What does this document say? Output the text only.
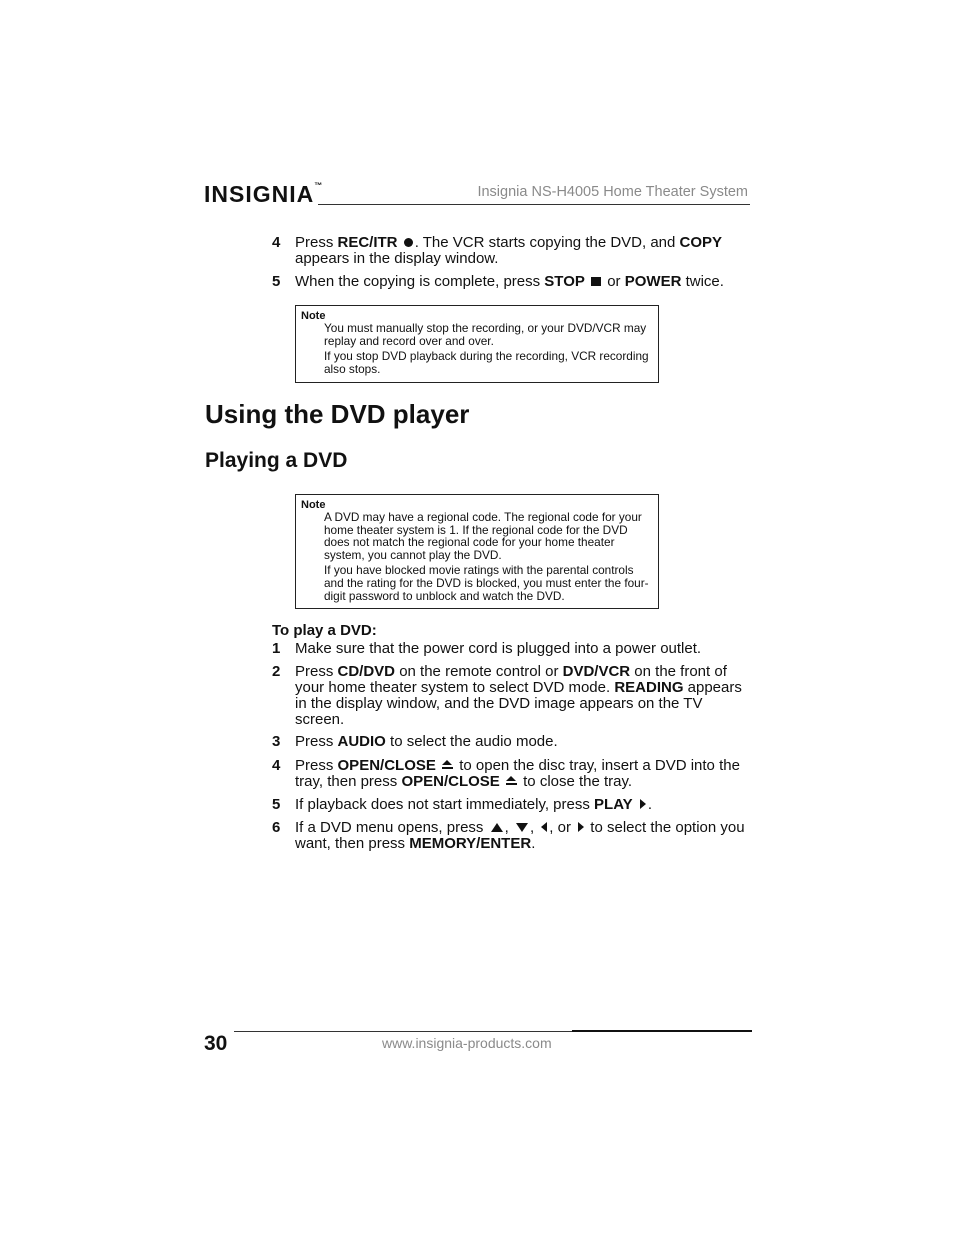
INSIGNIA™	Insignia NS-H4005 Home Theater System
4 Press REC/ITR . The VCR starts copying the DVD, and COPY appears in the display window.
5 When the copying is complete, press STOP  or POWER twice.
Note

You must manually stop the recording, or your DVD/VCR may replay and record over and over.

If you stop DVD playback during the recording, VCR recording also stops.

Using the DVD player
Playing a DVD
Note

A DVD may have a regional code. The regional code for your home theater system is 1. If the regional code for the DVD does not match the regional code for your home theater system, you cannot play the DVD.

If you have blocked movie ratings with the parental controls and the rating for the DVD is blocked, you must enter the four-digit password to unblock and watch the DVD.

To play a DVD:
1 Make sure that the power cord is plugged into a power outlet.
2 Press CD/DVD on the remote control or DVD/VCR on the front of your home theater system to select DVD mode. READING appears in the display window, and the DVD image appears on the TV screen.
3 Press AUDIO to select the audio mode.
4 Press OPEN/CLOSE  to open the disc tray, insert a DVD into the tray, then press OPEN/CLOSE  to close the tray.
5 If playback does not start immediately, press PLAY .
6 If a DVD menu opens, press , , , or  to select the option you want, then press MEMORY/ENTER.
30	www.insignia-products.com
